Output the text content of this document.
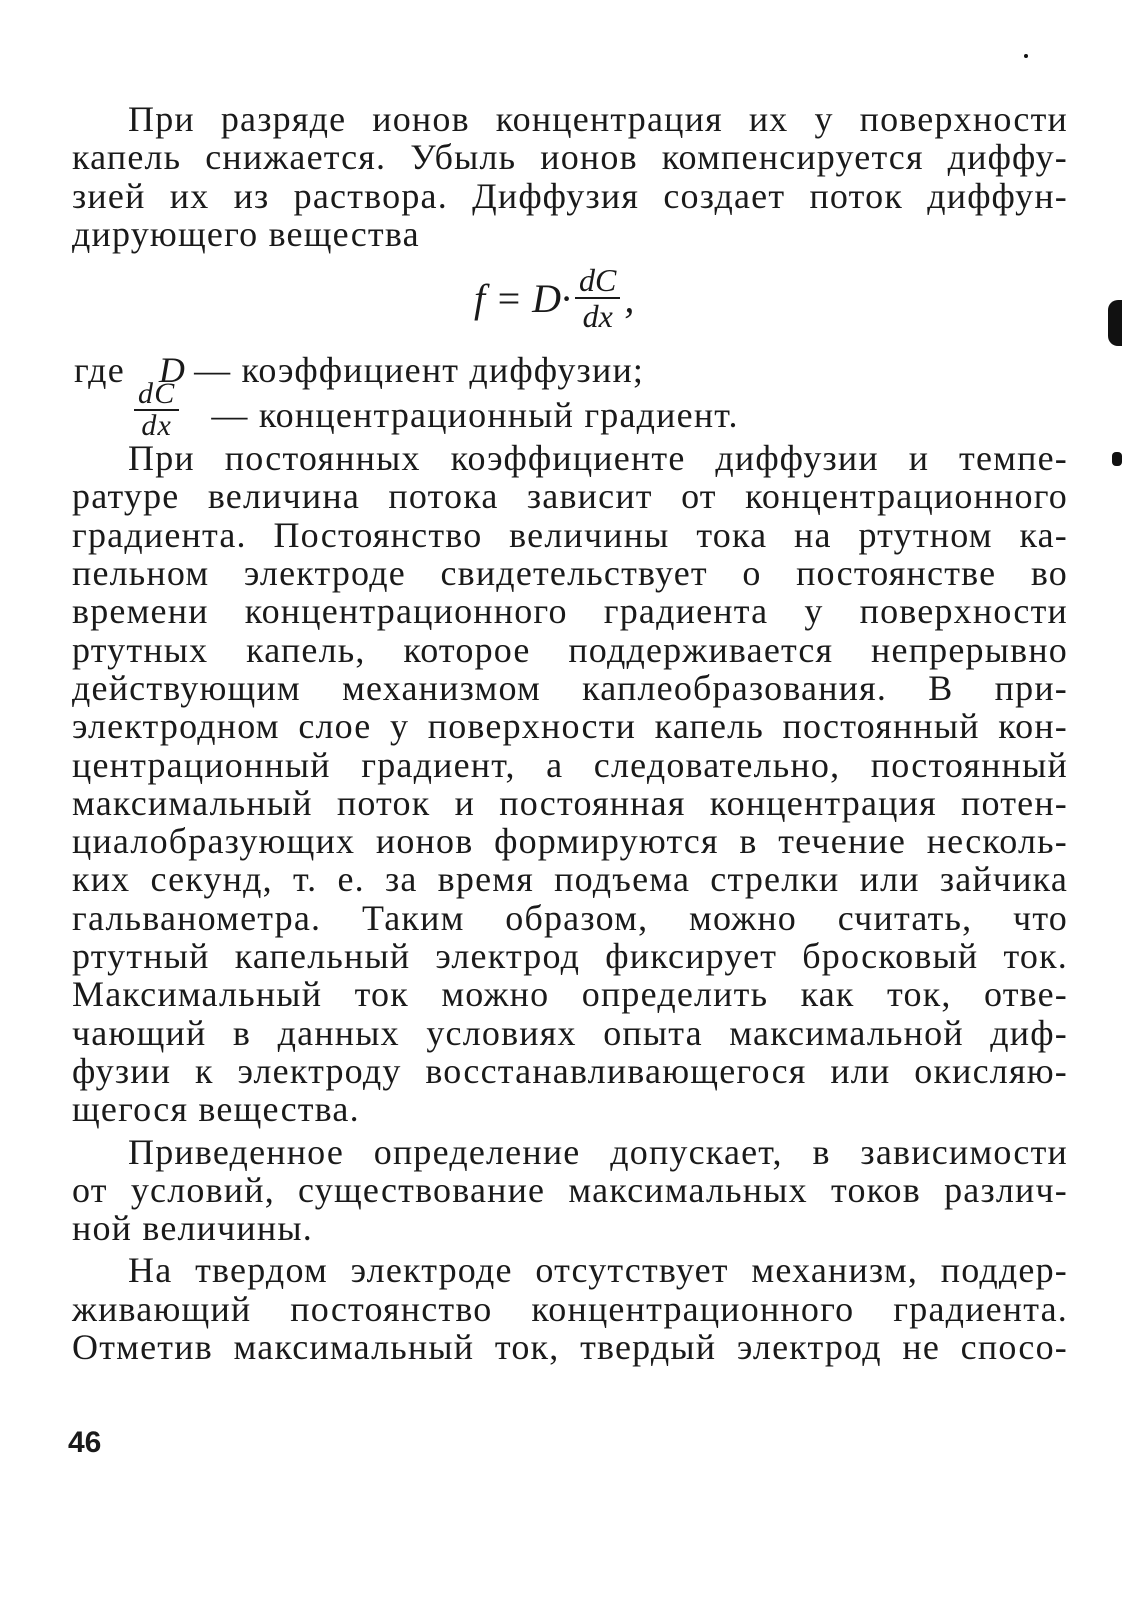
При разряде ионов концентрация их у поверхности
капель снижается. Убыль ионов компенсируется диффу-
зией их из раствора. Диффузия создает поток диффун-
дирующего вещества

$f = D\cdot \frac{dC}{dx}$ ,
где D — коэффициент диффузии;
$\frac{dC}{dx}$ — концентрационный градиент.

При постоянных коэффициенте диффузии и темпе-
ратуре величина потока зависит от концентрационного
градиента. Постоянство величины тока на ртутном ка-
пельном электроде свидетельствует о постоянстве во
времени концентрационного градиента у поверхности
ртутных капель, которое поддерживается непрерывно
действующим механизмом каплеобразования. В при-
электродном слое у поверхности капель постоянный кон-
центрационный градиент, а следовательно, постоянный
максимальный поток и постоянная концентрация потен-
циалобразующих ионов формируются в течение несколь-
ких секунд, т. е. за время подъема стрелки или зайчика
гальванометра. Таким образом, можно считать, что
ртутный капельный электрод фиксирует бросковый ток.
Максимальный ток можно определить как ток, отве-
чающий в данных условиях опыта максимальной диф-
фузии к электроду восстанавливающегося или окисляю-
щегося вещества.

Приведенное определение допускает, в зависимости
от условий, существование максимальных токов различ-
ной величины.

На твердом электроде отсутствует механизм, поддер-
живающий постоянство концентрационного градиента.
Отметив максимальный ток, твердый электрод не спосо-

46
